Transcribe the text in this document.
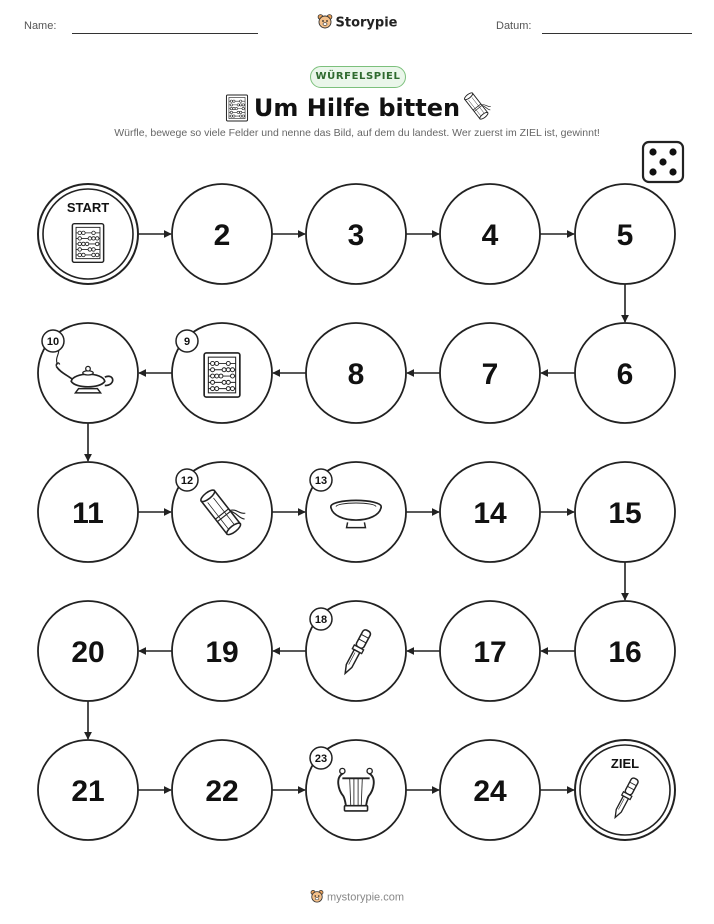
Name:	Storypie	Datum:
WÜRFELSPIEL
Um Hilfe bitten
Würfle, bewege so viele Felder und nenne das Bild, auf dem du landest. Wer zuerst im ZIEL ist, gewinnt!
START
2	3	4	5
6
7
8
9
10
11
12	13
14	15
16
17
18
19
20
21	22
23
24
ZIEL
mystorypie.com
